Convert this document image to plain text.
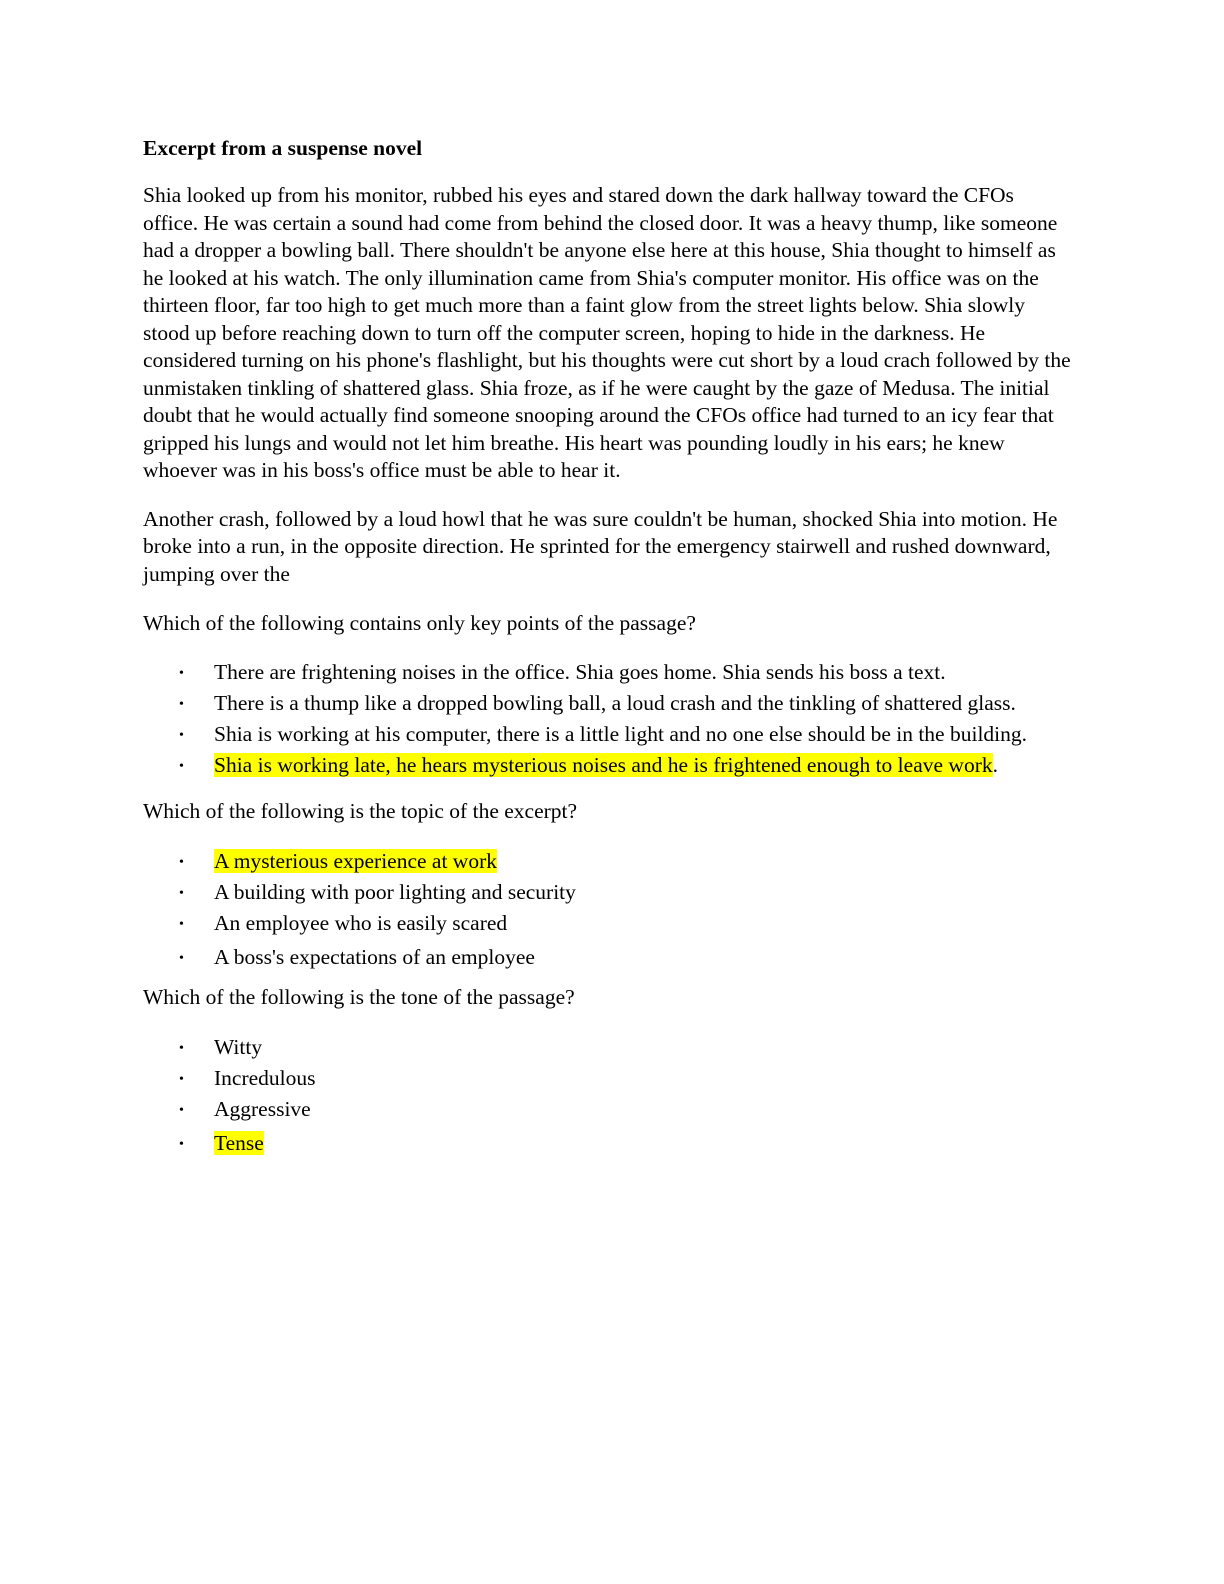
Excerpt from a suspense novel

Shia looked up from his monitor, rubbed his eyes and stared down the dark hallway toward the CFOs office. He was certain a sound had come from behind the closed door. It was a heavy thump, like someone had a dropper a bowling ball. There shouldn't be anyone else here at this house, Shia thought to himself as he looked at his watch. The only illumination came from Shia's computer monitor. His office was on the thirteen floor, far too high to get much more than a faint glow from the street lights below. Shia slowly stood up before reaching down to turn off the computer screen, hoping to hide in the darkness. He considered turning on his phone's flashlight, but his thoughts were cut short by a loud crach followed by the unmistaken tinkling of shattered glass. Shia froze, as if he were caught by the gaze of Medusa. The initial doubt that he would actually find someone snooping around the CFOs office had turned to an icy fear that gripped his lungs and would not let him breathe. His heart was pounding loudly in his ears; he knew whoever was in his boss's office must be able to hear it.

Another crash, followed by a loud howl that he was sure couldn't be human, shocked Shia into motion. He broke into a run, in the opposite direction. He sprinted for the emergency stairwell and rushed downward, jumping over the

Which of the following contains only key points of the passage?

• There are frightening noises in the office. Shia goes home. Shia sends his boss a text.
• There is a thump like a dropped bowling ball, a loud crash and the tinkling of shattered glass.
• Shia is working at his computer, there is a little light and no one else should be in the building.
• Shia is working late, he hears mysterious noises and he is frightened enough to leave work.

Which of the following is the topic of the excerpt?

• A mysterious experience at work
• A building with poor lighting and security
• An employee who is easily scared
• A boss's expectations of an employee

Which of the following is the tone of the passage?

• Witty
• Incredulous
• Aggressive
• Tense
